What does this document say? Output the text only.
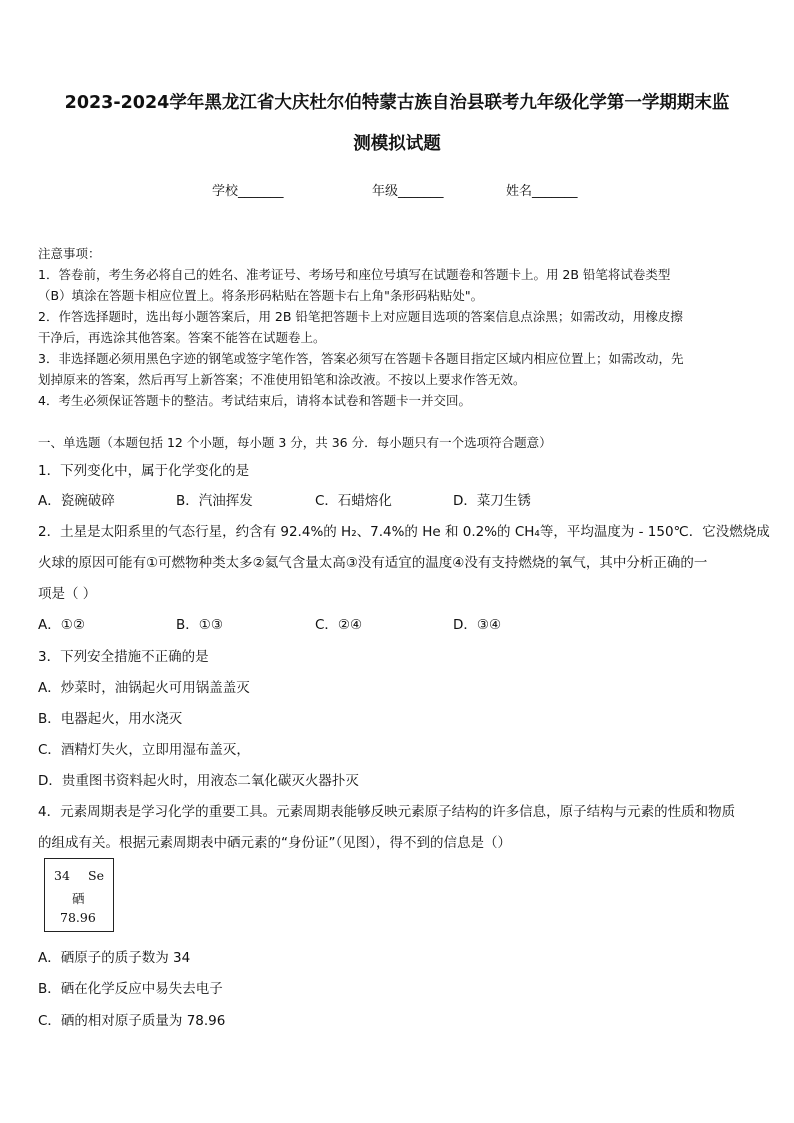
2023-2024学年黑龙江省大庆杜尔伯特蒙古族自治县联考九年级化学第一学期期末监
测模拟试题
学校_______	年级_______	姓名_______
注意事项：
1．答卷前，考生务必将自己的姓名、准考证号、考场号和座位号填写在试题卷和答题卡上。用 2B 铅笔将试卷类型
（B）填涂在答题卡相应位置上。将条形码粘贴在答题卡右上角"条形码粘贴处"。
2．作答选择题时，选出每小题答案后，用 2B 铅笔把答题卡上对应题目选项的答案信息点涂黑；如需改动，用橡皮擦
干净后，再选涂其他答案。答案不能答在试题卷上。
3．非选择题必须用黑色字迹的钢笔或签字笔作答，答案必须写在答题卡各题目指定区域内相应位置上；如需改动，先
划掉原来的答案，然后再写上新答案；不准使用铅笔和涂改液。不按以上要求作答无效。
4．考生必须保证答题卡的整洁。考试结束后，请将本试卷和答题卡一并交回。
一、单选题（本题包括 12 个小题，每小题 3 分，共 36 分．每小题只有一个选项符合题意）
1．下列变化中，属于化学变化的是
A．瓷碗破碎	B．汽油挥发	C．石蜡熔化	D．菜刀生锈
2．土星是太阳系里的气态行星，约含有 92.4%的 H₂、7.4%的 He 和 0.2%的 CH₄等，平均温度为 - 150℃．它没燃烧成
火球的原因可能有①可燃物种类太多②氦气含量太高③没有适宜的温度④没有支持燃烧的氧气，其中分析正确的一
项是（ ）
A．①②	B．①③	C．②④	D．③④
3．下列安全措施不正确的是
A．炒菜时，油锅起火可用锅盖盖灭
B．电器起火，用水浇灭
C．酒精灯失火，立即用湿布盖灭，
D．贵重图书资料起火时，用液态二氧化碳灭火器扑灭
4．元素周期表是学习化学的重要工具。元素周期表能够反映元素原子结构的许多信息，原子结构与元素的性质和物质
的组成有关。根据元素周期表中硒元素的“身份证”（见图），得不到的信息是（）
34 Se
硒
78.96
A．硒原子的质子数为 34
B．硒在化学反应中易失去电子
C．硒的相对原子质量为 78.96
